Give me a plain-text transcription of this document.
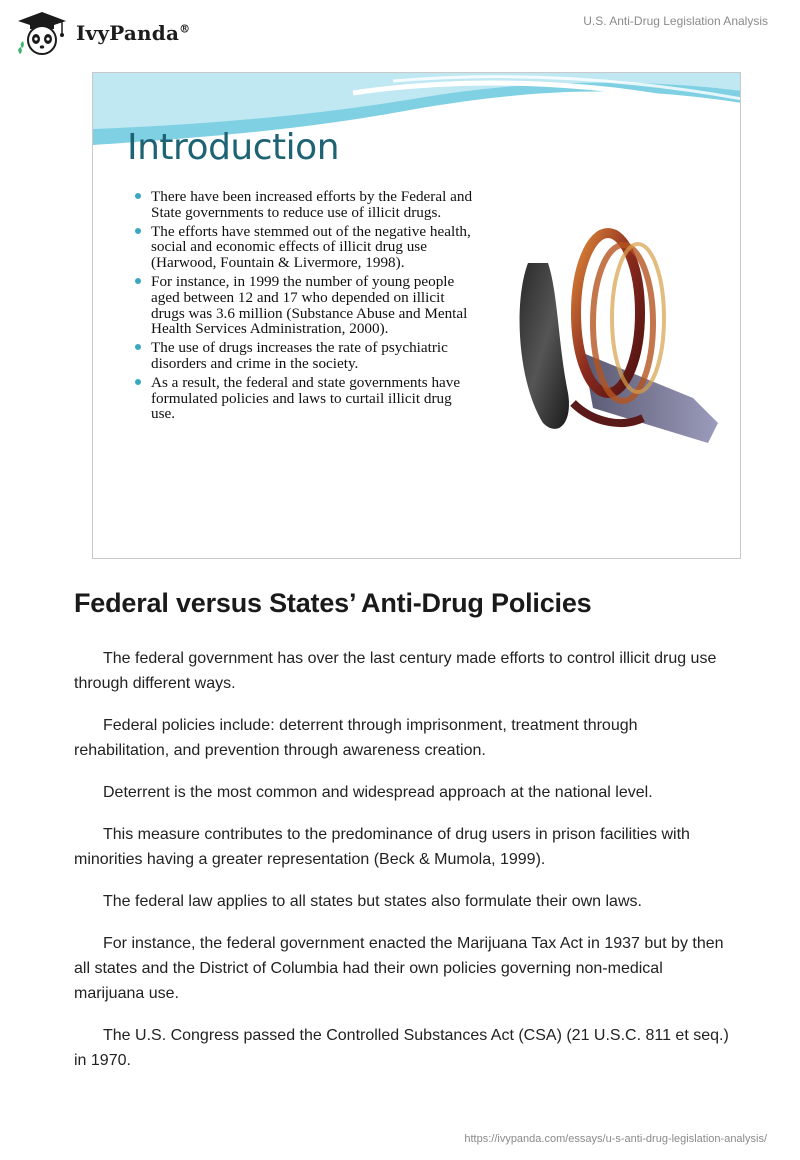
IvyPanda®
U.S. Anti-Drug Legislation Analysis
Introduction
There have been increased efforts by the Federal and State governments to reduce use of illicit drugs.
The efforts have stemmed out of the negative health, social and economic effects of illicit drug use (Harwood, Fountain & Livermore, 1998).
For instance, in 1999 the number of young people aged between 12 and 17 who depended on illicit drugs was 3.6 million (Substance Abuse and Mental Health Services Administration, 2000).
The use of drugs increases the rate of psychiatric disorders and crime in the society.
As a result, the federal and state governments have formulated policies and laws to curtail illicit drug use.
Federal versus States’ Anti-Drug Policies

The federal government has over the last century made efforts to control illicit drug use through different ways.

Federal policies include: deterrent through imprisonment, treatment through rehabilitation, and prevention through awareness creation.

Deterrent is the most common and widespread approach at the national level.

This measure contributes to the predominance of drug users in prison facilities with minorities having a greater representation (Beck & Mumola, 1999).

The federal law applies to all states but states also formulate their own laws.

For instance, the federal government enacted the Marijuana Tax Act in 1937 but by then all states and the District of Columbia had their own policies governing non-medical marijuana use.

The U.S. Congress passed the Controlled Substances Act (CSA) (21 U.S.C. 811 et seq.) in 1970.

https://ivypanda.com/essays/u-s-anti-drug-legislation-analysis/
